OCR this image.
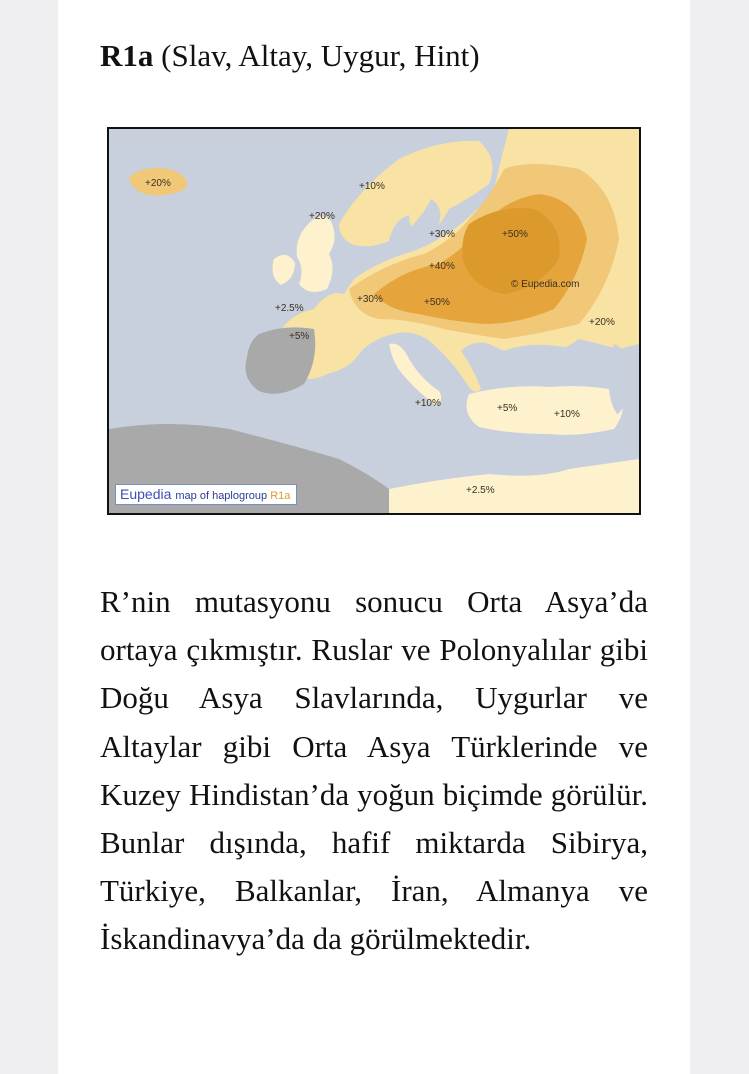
R1a (Slav, Altay, Uygur, Hint)
+20%	+10%
+20%
+30%	+50%
+40%
+30%	+50%
+2.5%
+5%
+20%
+10%	+5%
+10%
+2.5%
© Eupedia.com
Eupedia map of haplogroup R1a

R’nin mutasyonu sonucu Orta Asya’da ortaya çıkmıştır. Ruslar ve Polonyalılar gibi Doğu Asya Slavlarında, Uygurlar ve Altaylar gibi Orta Asya Türklerinde ve Kuzey Hindistan’da yoğun biçimde görülür. Bunlar dışında, hafif miktarda Sibirya, Türkiye, Balkanlar, İran, Almanya ve İskandinavya’da da görülmektedir.
